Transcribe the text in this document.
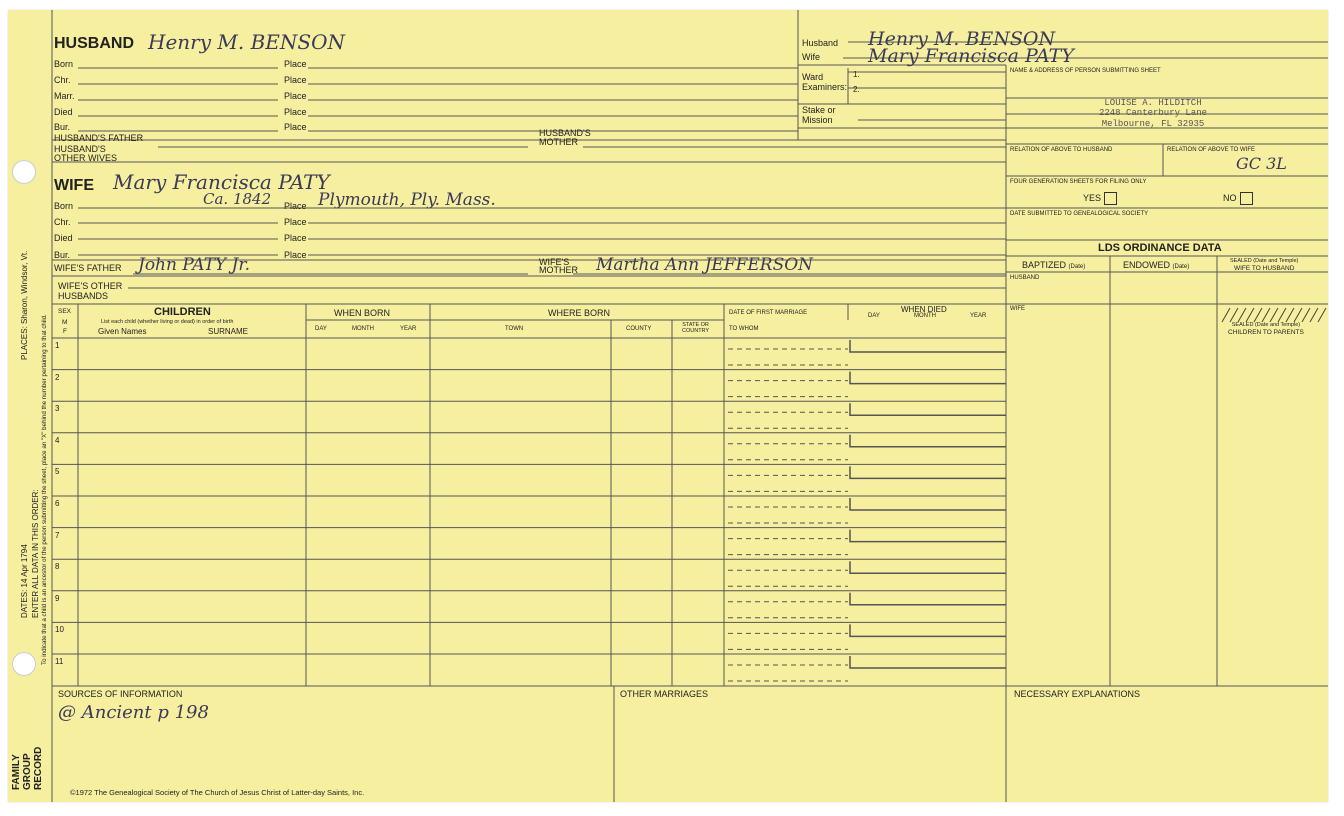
ENTER ALL DATA IN THIS ORDER:
DATES: 14 Apr 1794
PLACES: Sharon, Windsor, Vt.
To indicate that a child is an ancestor of the person submitting the sheet, place an "X" behind the number pertaining to that child.
FAMILY GROUP RECORD
HUSBAND Henry M. BENSON
Born	Place
Chr.	Place
Marr.	Place
Died	Place
Bur.	Place
HUSBAND'S FATHER	HUSBAND'S
MOTHER
HUSBAND'S
OTHER WIVES
Husband Henry M. BENSON
Wife	Mary Francisca PATY
Ward
Examiners:
1.
2.
Stake or
Mission
NAME & ADDRESS OF PERSON SUBMITTING SHEET
LOUISE A. HILDITCH
2248 Canterbury Lane
Melbourne, FL 32935
RELATION OF ABOVE TO HUSBAND	RELATION OF ABOVE TO WIFE
GC 3L
FOUR GENERATION SHEETS FOR FILING ONLY
YES	NO
DATE SUBMITTED TO GENEALOGICAL SOCIETY
LDS ORDINANCE DATA
BAPTIZED (Date)	ENDOWED (Date)
SEALED (Date and Temple)
WIFE TO HUSBAND
HUSBAND
WIFE
SEALED (Date and Temple)
CHILDREN TO PARENTS
WIFE Mary Francisca PATY
Born	Ca. 1842 Place Plymouth, Ply. Mass.
Chr.	Place
Died	Place
Bur.	Place
WIFE'S FATHER John PATY Jr.	WIFE'S
MOTHER Martha Ann JEFFERSON
WIFE'S OTHER
HUSBANDS
SEX
M
F
CHILDREN
List each child (whether living or dead) in order of birth
Given Names	SURNAME
WHEN BORN
DAY	MONTH	YEAR
WHERE BORN
TOWN	COUNTY
STATE OR
COUNTRY
DATE OF FIRST MARRIAGE
TO WHOM
WHEN DIED
DAY	MONTH	YEAR
1
2
3
4
5
6
7
8
9
10
11
SOURCES OF INFORMATION
@ Ancient p 198
OTHER MARRIAGES	NECESSARY EXPLANATIONS
©1972 The Genealogical Society of The Church of Jesus Christ of Latter-day Saints, Inc.
